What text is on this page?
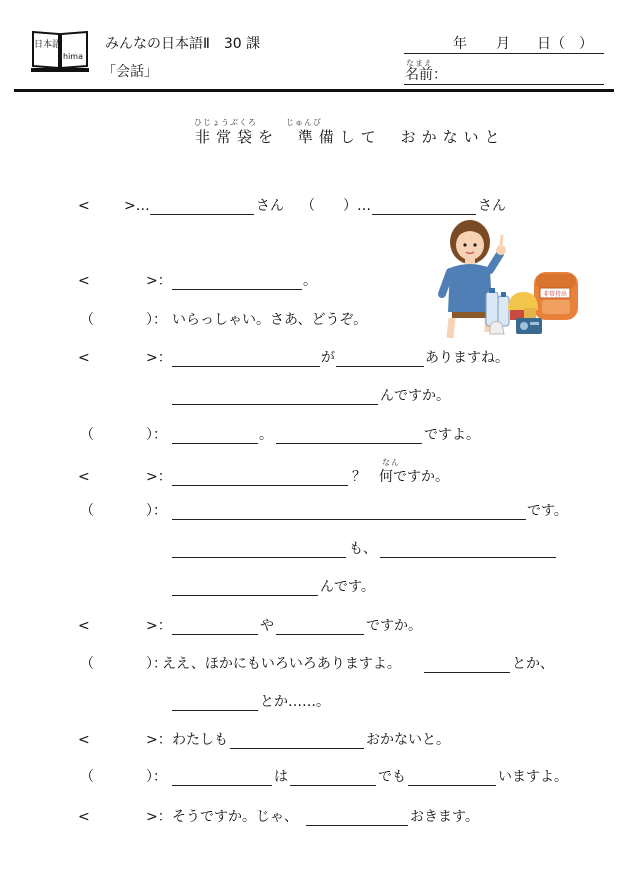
日本語
hima
みんなの日本語Ⅱ　30 課
「会話」
年 月 日（　）
なまえ
名前：
ひじょうぶくろ	じゅんび
非常袋を 準備して おかないと
< >…	さん （　　）…	さん
非常持出
<	>：	。
（	）： いらっしゃい。さあ、どうぞ。
<	>：	が	ありますね。
んですか。
（	）：	。	ですよ。
<	>：	？
なん
何ですか。
（	）：	です。
も、
んです。
<	>：	や	ですか。
（	）：
ええ、ほかにもいろいろありますよ。	とか、
とか……。
<	>： わたしも	おかないと。
（	）：	は	でも	いますよ。
<	>： そうですか。じゃ、	おきます。
